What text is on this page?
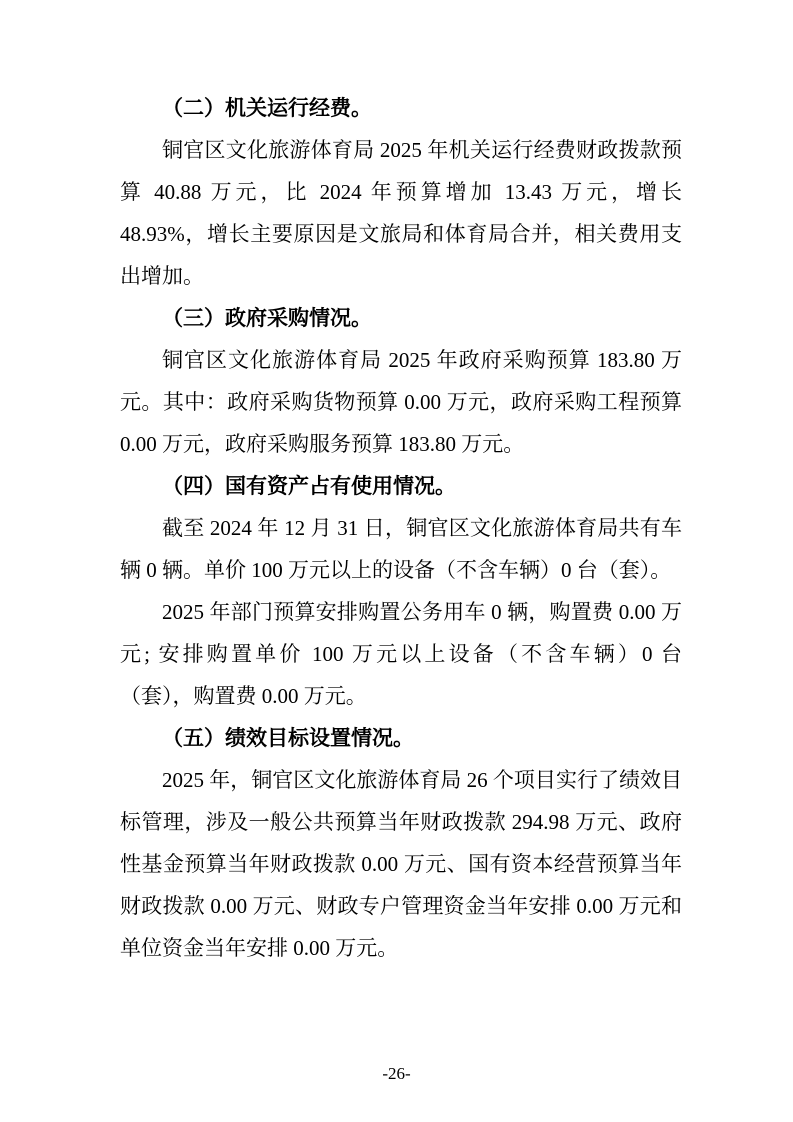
（二）机关运行经费。

铜官区文化旅游体育局 2025 年机关运行经费财政拨款预算 40.88 万元，比 2024 年预算增加 13.43 万元，增长 48.93%，增长主要原因是文旅局和体育局合并，相关费用支出增加。

（三）政府采购情况。

铜官区文化旅游体育局 2025 年政府采购预算 183.80 万元。其中：政府采购货物预算 0.00 万元，政府采购工程预算 0.00 万元，政府采购服务预算 183.80 万元。

（四）国有资产占有使用情况。

截至 2024 年 12 月 31 日，铜官区文化旅游体育局共有车辆 0 辆。单价 100 万元以上的设备（不含车辆）0 台（套）。

2025 年部门预算安排购置公务用车 0 辆，购置费 0.00 万元; 安排购置单价 100 万元以上设备（不含车辆）0 台（套），购置费 0.00 万元。

（五）绩效目标设置情况。

2025 年，铜官区文化旅游体育局 26 个项目实行了绩效目标管理，涉及一般公共预算当年财政拨款 294.98 万元、政府性基金预算当年财政拨款 0.00 万元、国有资本经营预算当年财政拨款 0.00 万元、财政专户管理资金当年安排 0.00 万元和单位资金当年安排 0.00 万元。

-26-
